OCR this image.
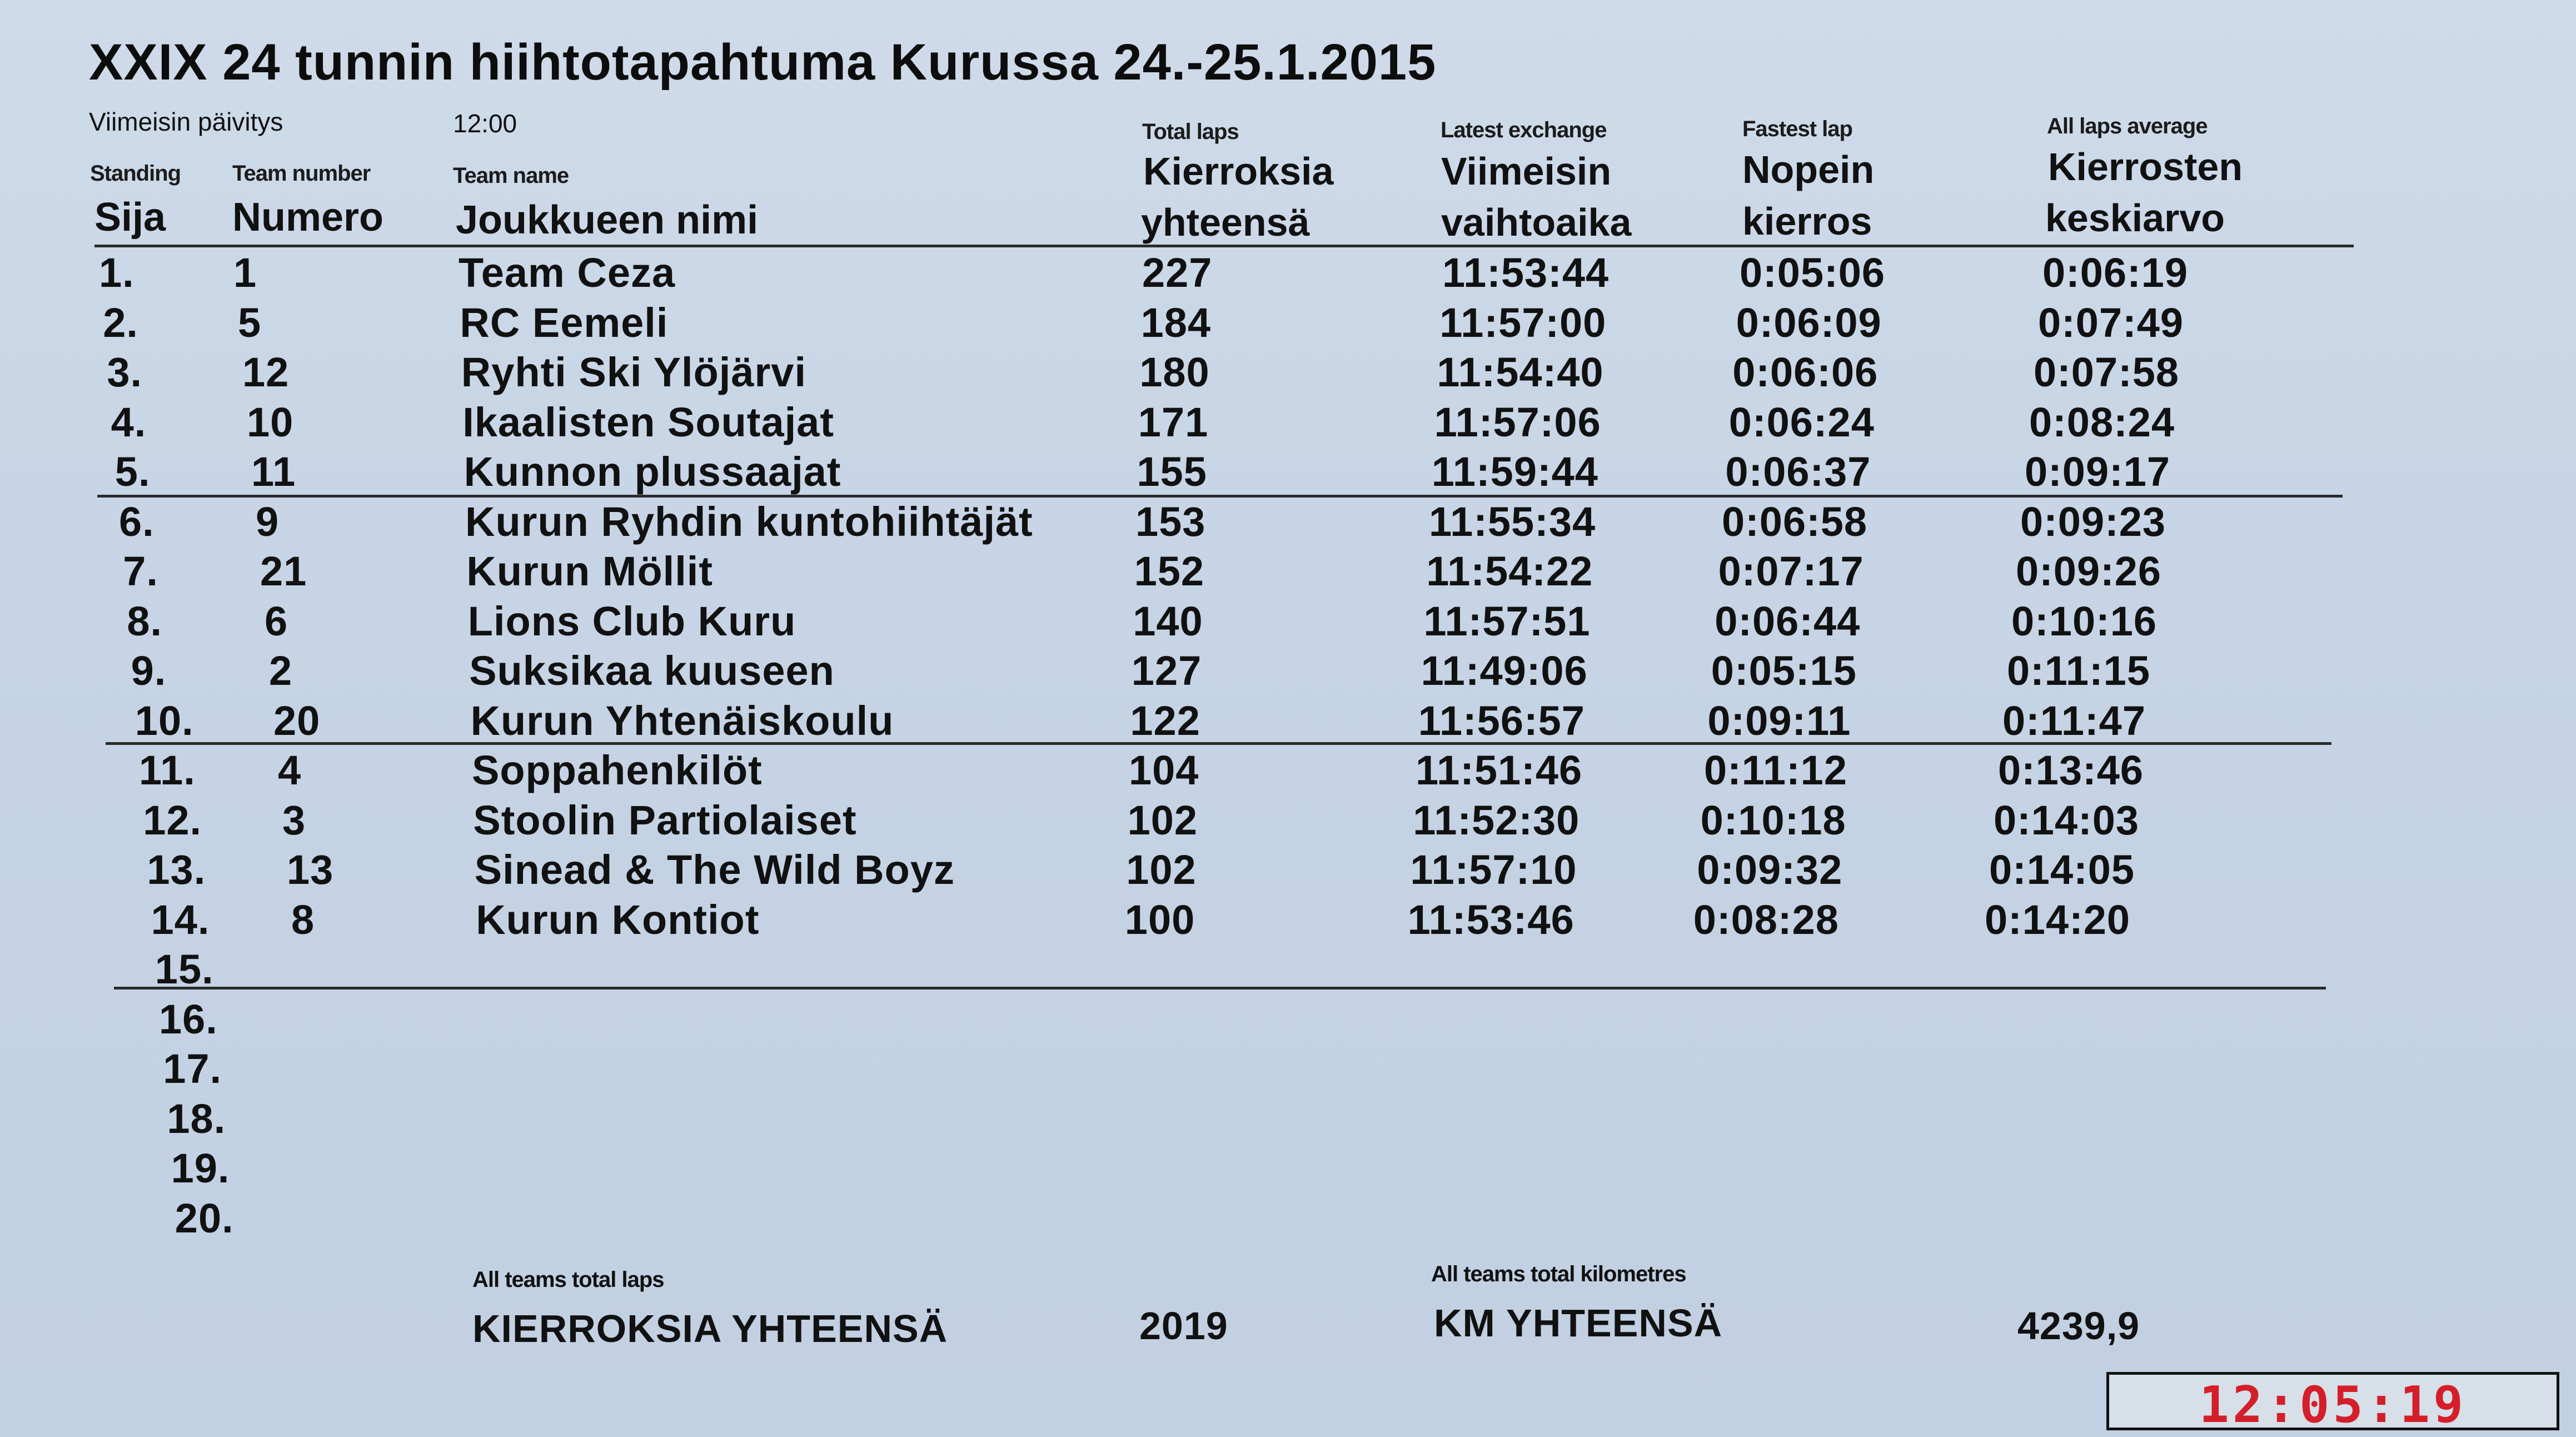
XXIX 24 tunnin hiihtotapahtuma Kurussa 24.-25.1.2015
Viimeisin päivitys	12:00
Standing Team number	Team name
Total laps	Latest exchange	Fastest lap	All laps average
Sija Numero Joukkueen nimi
Kierroksia
yhteensä
Viimeisin
vaihtoaika
Nopein
kierros
Kierrosten
keskiarvo
1. 1	Team Ceza	227	11:53:44	0:05:06	0:06:19
2. 5	RC Eemeli	184	11:57:00	0:06:09	0:07:49
3. 12	Ryhti Ski Ylöjärvi	180	11:54:40	0:06:06	0:07:58
4. 10	Ikaalisten Soutajat	171	11:57:06	0:06:24	0:08:24
5. 11	Kunnon plussaajat	155	11:59:44	0:06:37	0:09:17
6. 9	Kurun Ryhdin kuntohiihtäjät 153	11:55:34	0:06:58	0:09:23
7. 21	Kurun Möllit	152	11:54:22	0:07:17	0:09:26
8. 6	Lions Club Kuru	140	11:57:51	0:06:44	0:10:16
9. 2	Suksikaa kuuseen	127	11:49:06	0:05:15	0:11:15
10. 20	Kurun Yhtenäiskoulu	122	11:56:57	0:09:11	0:11:47
11. 4	Soppahenkilöt	104	11:51:46	0:11:12	0:13:46
12. 3	Stoolin Partiolaiset	102	11:52:30	0:10:18	0:14:03
13. 13	Sinead & The Wild Boyz	102	11:57:10	0:09:32	0:14:05
14. 8	Kurun Kontiot	100	11:53:46	0:08:28	0:14:20
15.
16.
17.
18.
19.
20.
All teams total laps
KIERROKSIA YHTEENSÄ	2019
All teams total kilometres
KM YHTEENSÄ	4239,9
12:05:19
